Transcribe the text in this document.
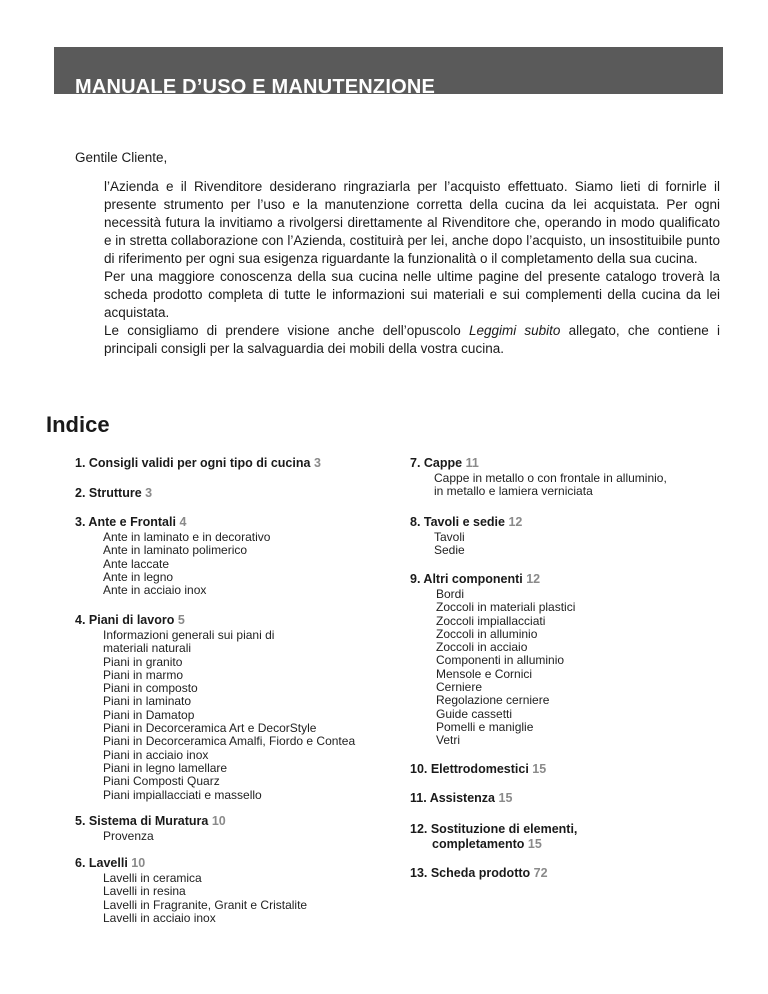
MANUALE D’USO E MANUTENZIONE

Gentile Cliente,

l’Azienda e il Rivenditore desiderano ringraziarla per l’acquisto effettuato. Siamo lieti di fornirle il presente strumento per l’uso e la manutenzione corretta della cucina da lei acquistata. Per ogni necessità futura la invitiamo a rivolgersi direttamente al Rivenditore che, operando in modo qualificato e in stretta collaborazione con l’Azienda, costituirà per lei, anche dopo l’acquisto, un insostituibile punto di riferimento per ogni sua esigenza riguardante la funzionalità o il completamento della sua cucina.

Per una maggiore conoscenza della sua cucina nelle ultime pagine del presente catalogo troverà la scheda prodotto completa di tutte le informazioni sui materiali e sui complementi della cucina da lei acquistata.

Le consigliamo di prendere visione anche dell’opuscolo Leggimi subito allegato, che contiene i principali consigli per la salvaguardia dei mobili della vostra cucina.

Indice
1. Consigli validi per ogni tipo di cucina 3
2. Strutture 3
3. Ante e Frontali 4
Ante in laminato e in decorativo
Ante in laminato polimerico
Ante laccate
Ante in legno
Ante in acciaio inox
4. Piani di lavoro 5
Informazioni generali sui piani di
materiali naturali
Piani in granito
Piani in marmo
Piani in composto
Piani in laminato
Piani in Damatop
Piani in Decorceramica Art e DecorStyle
Piani in Decorceramica Amalfi, Fiordo e Contea
Piani in acciaio inox
Piani in legno lamellare
Piani Composti Quarz
Piani impiallacciati e massello
5. Sistema di Muratura 10
Provenza
6. Lavelli 10
Lavelli in ceramica
Lavelli in resina
Lavelli in Fragranite, Granit e Cristalite
Lavelli in acciaio inox
7. Cappe 11
Cappe in metallo o con frontale in alluminio,
in metallo e lamiera verniciata
8. Tavoli e sedie 12
Tavoli
Sedie
9. Altri componenti 12
Bordi
Zoccoli in materiali plastici
Zoccoli impiallacciati
Zoccoli in alluminio
Zoccoli in acciaio
Componenti in alluminio
Mensole e Cornici
Cerniere
Regolazione cerniere
Guide cassetti
Pomelli e maniglie
Vetri
10. Elettrodomestici 15
11. Assistenza 15
12. Sostituzione di elementi,
completamento 15
13. Scheda prodotto 72
